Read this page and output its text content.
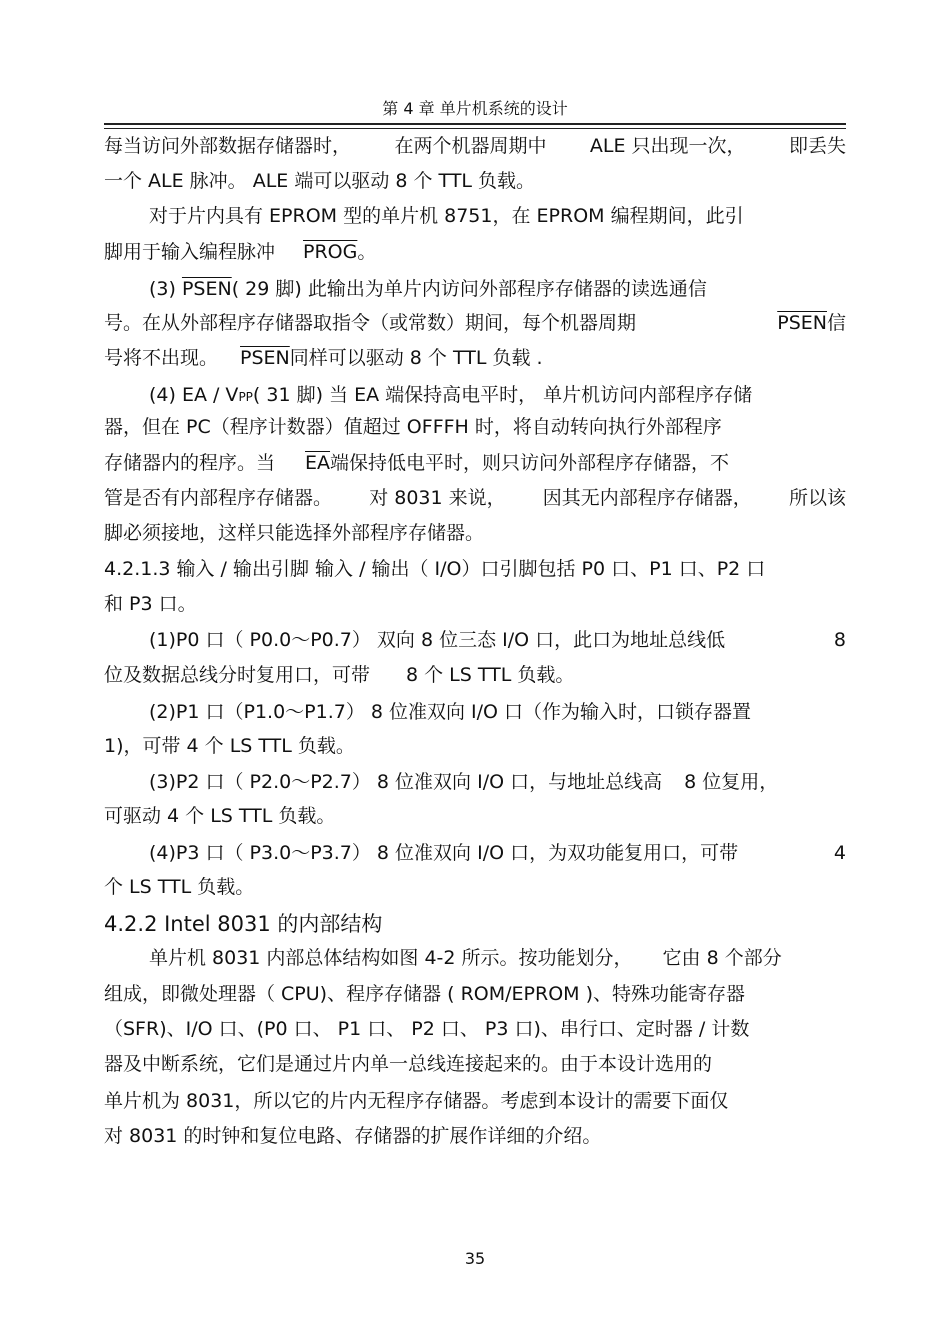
第 4 章 单片机系统的设计
每当访问外部数据存储器时， 在两个机器周期中 ALE 只出现一次， 即丢失
一个 ALE 脉冲。 ALE 端可以驱动 8 个 TTL 负载。
对于片内具有 EPROM 型的单片机 8751，在 EPROM 编程期间，此引
脚用于输入编程脉冲 PROG。
(3) PSEN( 29 脚) 此输出为单片内访问外部程序存储器的读选通信
号。在从外部程序存储器取指令（或常数）期间，每个机器周期	PSEN信
号将不出现。 PSEN同样可以驱动 8 个 TTL 负载 .
(4) EA / VPP( 31 脚) 当 EA 端保持高电平时， 单片机访问内部程序存储
器，但在 PC（程序计数器）值超过 OFFFH 时，将自动转向执行外部程序
存储器内的程序。当 $\overline{EA}$端保持低电平时，则只访问外部程序存储器，不
管是否有内部程序存储器。 对 8031 来说， 因其无内部程序存储器， 所以该
脚必须接地，这样只能选择外部程序存储器。
4.2.1.3 输入 / 输出引脚 输入 / 输出（ I/O）口引脚包括 P0 口、P1 口、P2 口
和 P3 口。
(1)P0 口（ P0.0～P0.7） 双向 8 位三态 I/O 口，此口为地址总线低	8
位及数据总线分时复用口，可带 8 个 LS TTL 负载。
(2)P1 口（P1.0～P1.7） 8 位准双向 I/O 口（作为输入时，口锁存器置
1)，可带 4 个 LS TTL 负载。
(3)P2 口（ P2.0～P2.7） 8 位准双向 I/O 口，与地址总线高 8 位复用，
可驱动 4 个 LS TTL 负载。
(4)P3 口（ P3.0～P3.7） 8 位准双向 I/O 口，为双功能复用口，可带	4
个 LS TTL 负载。
4.2.2 Intel 8031 的内部结构
单片机 8031 内部总体结构如图 4-2 所示。按功能划分， 它由 8 个部分
组成，即微处理器（ CPU)、程序存储器 ( ROM/EPROM )、特殊功能寄存器
（SFR)、I/O 口、(P0 口、 P1 口、 P2 口、 P3 口)、串行口、定时器 / 计数
器及中断系统，它们是通过片内单一总线连接起来的。由于本设计选用的
单片机为 8031，所以它的片内无程序存储器。考虑到本设计的需要下面仅
对 8031 的时钟和复位电路、存储器的扩展作详细的介绍。
35
